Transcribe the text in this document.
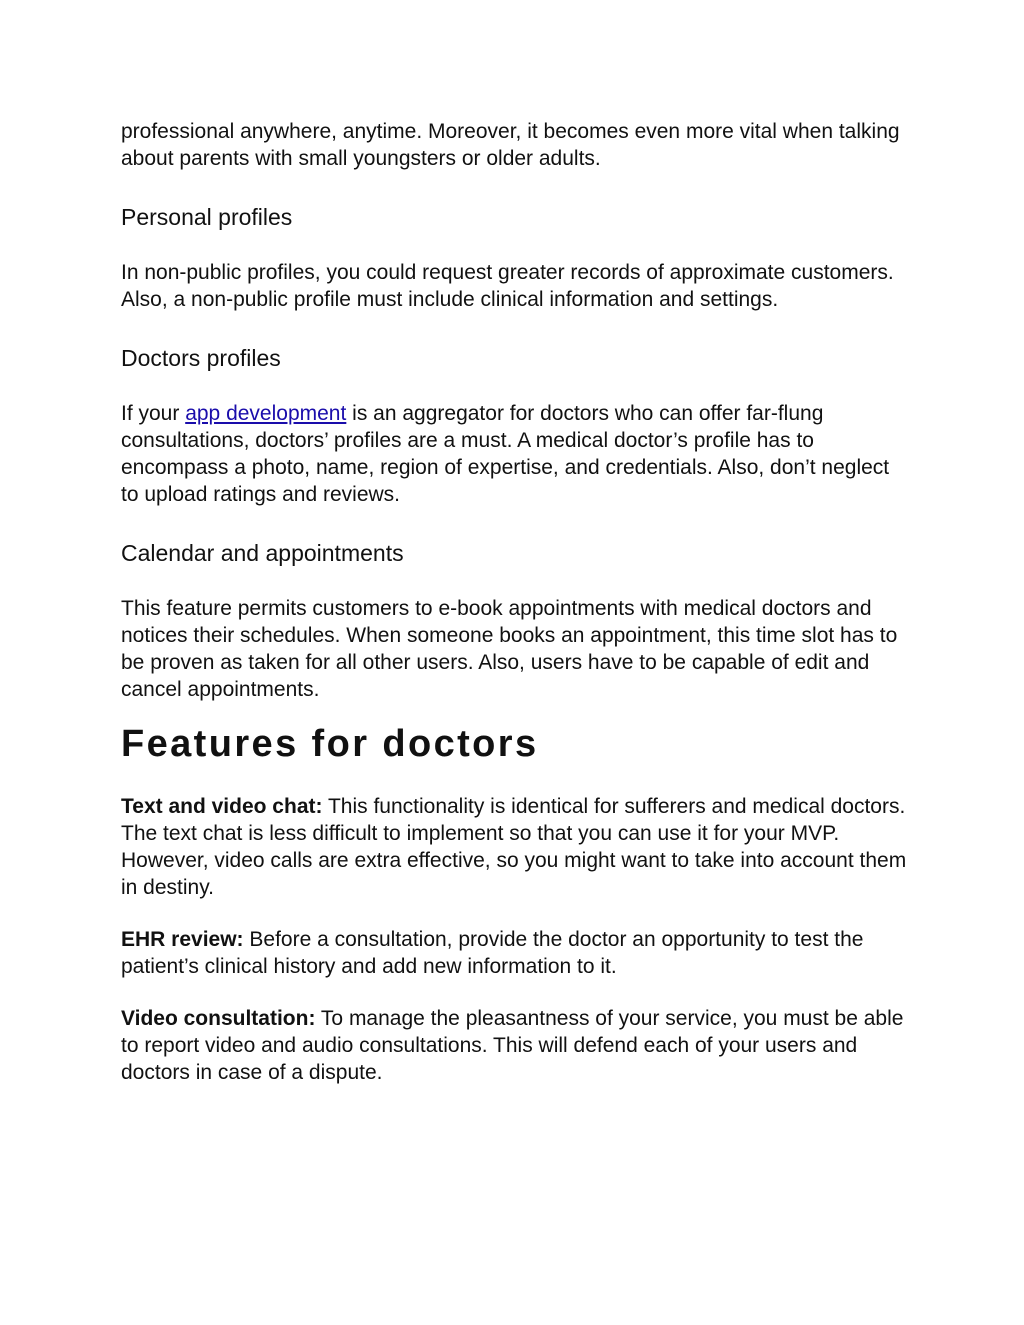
professional anywhere, anytime. Moreover, it becomes even more vital when talking about parents with small youngsters or older adults.

Personal profiles

In non-public profiles, you could request greater records of approximate customers. Also, a non-public profile must include clinical information and settings.

Doctors profiles

If your app development is an aggregator for doctors who can offer far-flung consultations, doctors’ profiles are a must. A medical doctor’s profile has to encompass a photo, name, region of expertise, and credentials. Also, don’t neglect to upload ratings and reviews.

Calendar and appointments

This feature permits customers to e-book appointments with medical doctors and notices their schedules. When someone books an appointment, this time slot has to be proven as taken for all other users. Also, users have to be capable of edit and cancel appointments.

Features for doctors

Text and video chat: This functionality is identical for sufferers and medical doctors. The text chat is less difficult to implement so that you can use it for your MVP. However, video calls are extra effective, so you might want to take into account them in destiny.

EHR review: Before a consultation, provide the doctor an opportunity to test the patient’s clinical history and add new information to it.

Video consultation: To manage the pleasantness of your service, you must be able to report video and audio consultations. This will defend each of your users and doctors in case of a dispute.
